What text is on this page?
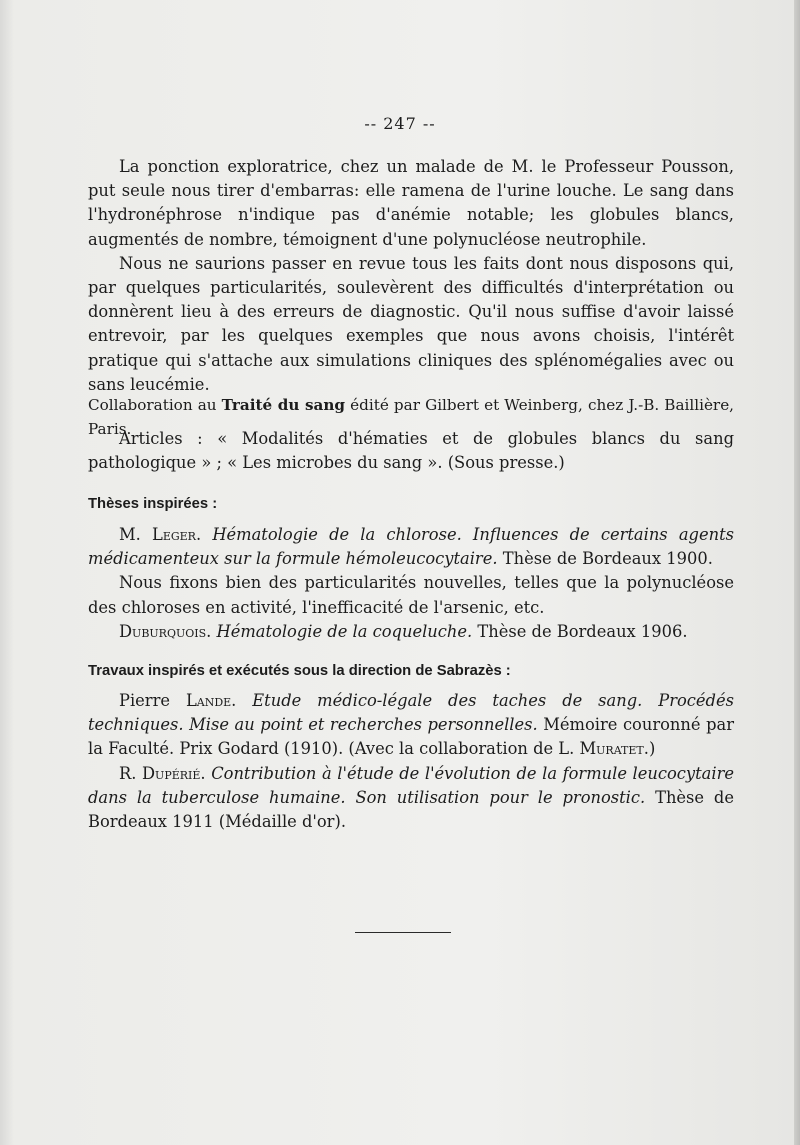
-- 247 --

La ponction exploratrice, chez un malade de M. le Professeur Pousson, put seule nous tirer d'embarras: elle ramena de l'urine louche. Le sang dans l'hydronéphrose n'indique pas d'anémie notable; les globules blancs, augmentés de nombre, témoignent d'une polynucléose neutrophile.

Nous ne saurions passer en revue tous les faits dont nous disposons qui, par quelques particularités, soulevèrent des difficultés d'interprétation ou donnèrent lieu à des erreurs de diagnostic. Qu'il nous suffise d'avoir laissé entrevoir, par les quelques exemples que nous avons choisis, l'intérêt pratique qui s'attache aux simulations cliniques des splénomégalies avec ou sans leucémie.

Collaboration au Traité du sang édité par Gilbert et Weinberg, chez J.-B. Baillière, Paris.

Articles : « Modalités d'hématies et de globules blancs du sang pathologique » ; « Les microbes du sang ». (Sous presse.)

Thèses inspirées :

M. Leger. Hématologie de la chlorose. Influences de certains agents médicamenteux sur la formule hémoleucocytaire. Thèse de Bordeaux 1900.

Nous fixons bien des particularités nouvelles, telles que la polynucléose des chloroses en activité, l'inefficacité de l'arsenic, etc.

Duburquois. Hématologie de la coqueluche. Thèse de Bordeaux 1906.

Travaux inspirés et exécutés sous la direction de Sabrazès :

Pierre Lande. Etude médico-légale des taches de sang. Procédés techniques. Mise au point et recherches personnelles. Mémoire couronné par la Faculté. Prix Godard (1910). (Avec la collaboration de L. Muratet.)

R. Dupérié. Contribution à l'étude de l'évolution de la formule leucocytaire dans la tuberculose humaine. Son utilisation pour le pronostic. Thèse de Bordeaux 1911 (Médaille d'or).
